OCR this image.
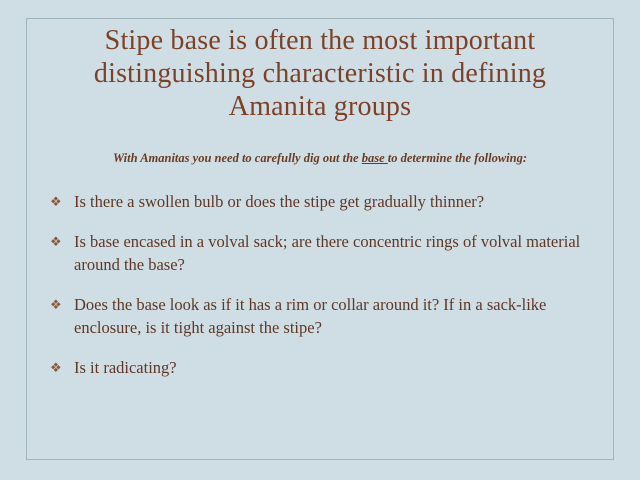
Stipe base is often the most important distinguishing characteristic in defining Amanita groups
With Amanitas you need to carefully dig out the base to determine the following:
❖ Is there a swollen bulb or does the stipe get gradually thinner?
❖ Is base encased in a volval sack; are there concentric rings of volval material around the base?
❖ Does the base look as if it has a rim or collar around it? If in a sack-like enclosure, is it tight against the stipe?
❖ Is it radicating?
